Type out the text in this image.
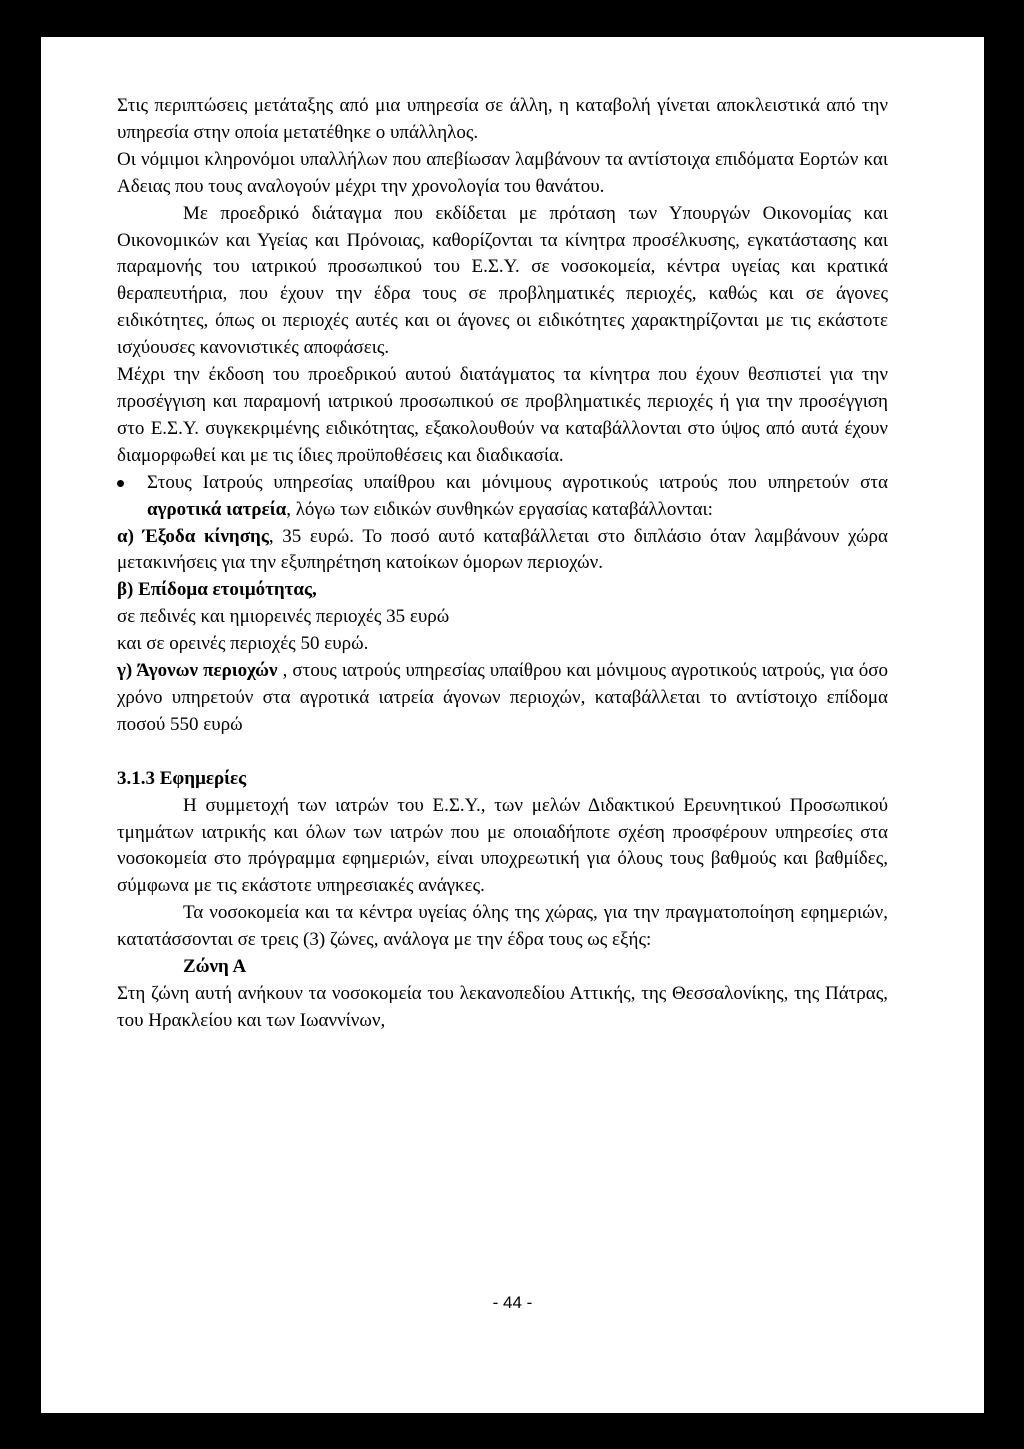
Στις περιπτώσεις μετάταξης από μια υπηρεσία σε άλλη, η καταβολή γίνεται αποκλειστικά από την υπηρεσία στην οποία μετατέθηκε ο υπάλληλος.

Οι νόμιμοι κληρονόμοι υπαλλήλων που απεβίωσαν λαμβάνουν τα αντίστοιχα επιδόματα Εορτών και Αδειας που τους αναλογούν μέχρι την χρονολογία του θανάτου.

Με προεδρικό διάταγμα που εκδίδεται με πρόταση των Υπουργών Οικονομίας και Οικονομικών και Υγείας και Πρόνοιας, καθορίζονται τα κίνητρα προσέλκυσης, εγκατάστασης και παραμονής του ιατρικού προσωπικού του Ε.Σ.Υ. σε νοσοκομεία, κέντρα υγείας και κρατικά θεραπευτήρια, που έχουν την έδρα τους σε προβληματικές περιοχές, καθώς και σε άγονες ειδικότητες, όπως οι περιοχές αυτές και οι άγονες οι ειδικότητες χαρακτηρίζονται με τις εκάστοτε ισχύουσες κανονιστικές αποφάσεις.

Μέχρι την έκδοση του προεδρικού αυτού διατάγματος τα κίνητρα που έχουν θεσπιστεί για την προσέγγιση και παραμονή ιατρικού προσωπικού σε προβληματικές περιοχές ή για την προσέγγιση στο Ε.Σ.Υ. συγκεκριμένης ειδικότητας, εξακολουθούν να καταβάλλονται στο ύψος από αυτά έχουν διαμορφωθεί και με τις ίδιες προϋποθέσεις και διαδικασία.

Στους Ιατρούς υπηρεσίας υπαίθρου και μόνιμους αγροτικούς ιατρούς που υπηρετούν στα αγροτικά ιατρεία, λόγω των ειδικών συνθηκών εργασίας καταβάλλονται:

α) Έξοδα κίνησης, 35 ευρώ. Το ποσό αυτό καταβάλλεται στο διπλάσιο όταν λαμβάνουν χώρα μετακινήσεις για την εξυπηρέτηση κατοίκων όμορων περιοχών.

β) Επίδομα ετοιμότητας,

σε πεδινές και ημιορεινές περιοχές 35 ευρώ

και σε ορεινές περιοχές 50 ευρώ.

γ) Άγονων περιοχών , στους ιατρούς υπηρεσίας υπαίθρου και μόνιμους αγροτικούς ιατρούς, για όσο χρόνο υπηρετούν στα αγροτικά ιατρεία άγονων περιοχών, καταβάλλεται το αντίστοιχο επίδομα ποσού 550 ευρώ

3.1.3 Εφημερίες

Η συμμετοχή των ιατρών του Ε.Σ.Υ., των μελών Διδακτικού Ερευνητικού Προσωπικού τμημάτων ιατρικής και όλων των ιατρών που με οποιαδήποτε σχέση προσφέρουν υπηρεσίες στα νοσοκομεία στο πρόγραμμα εφημεριών, είναι υποχρεωτική για όλους τους βαθμούς και βαθμίδες, σύμφωνα με τις εκάστοτε υπηρεσιακές ανάγκες.

Τα νοσοκομεία και τα κέντρα υγείας όλης της χώρας, για την πραγματοποίηση εφημεριών, κατατάσσονται σε τρεις (3) ζώνες, ανάλογα με την έδρα τους ως εξής:

Ζώνη Α

Στη ζώνη αυτή ανήκουν τα νοσοκομεία του λεκανοπεδίου Αττικής, της Θεσσαλονίκης, της Πάτρας, του Ηρακλείου και των Ιωαννίνων,

- 44 -
